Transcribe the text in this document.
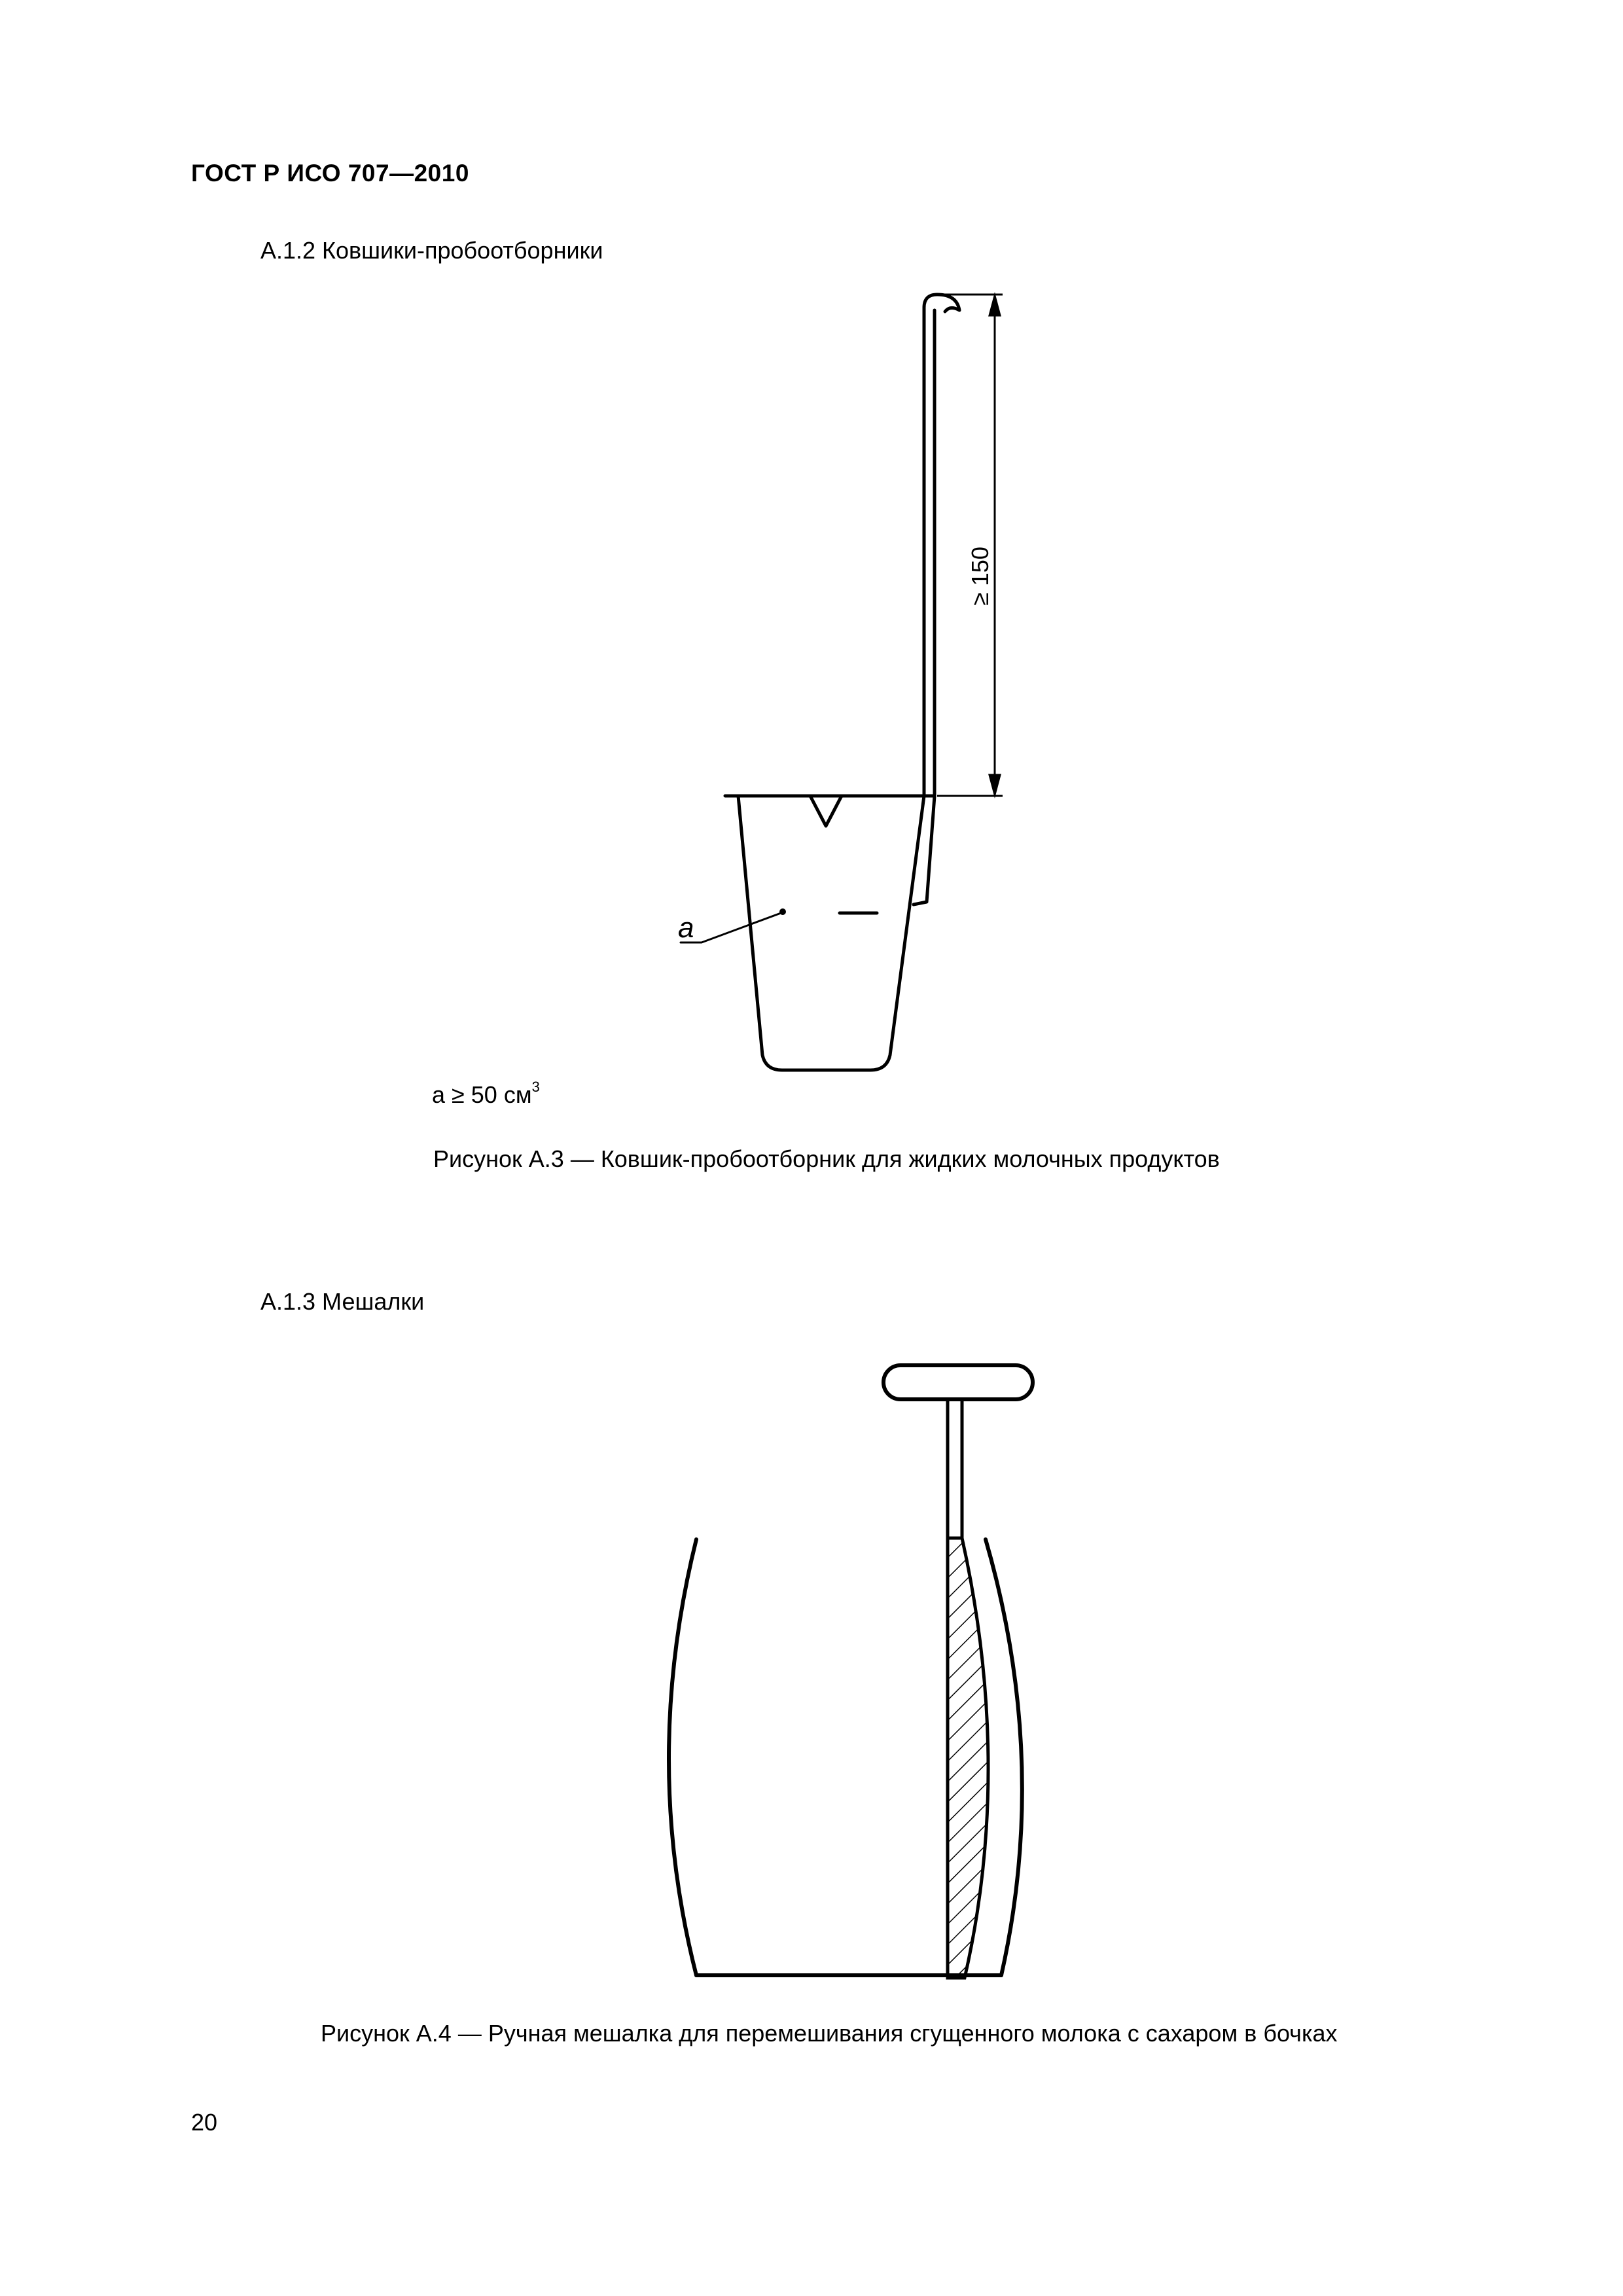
ГОСТ Р ИСО 707—2010
А.1.2 Ковшики-пробоотборники
≥ 150
a
a ≥ 50 $см^3$
Рисунок А.3 — Ковшик-пробоотборник для жидких молочных продуктов
А.1.3 Мешалки
Рисунок А.4 — Ручная мешалка для перемешивания сгущенного молока с сахаром в бочках
20
